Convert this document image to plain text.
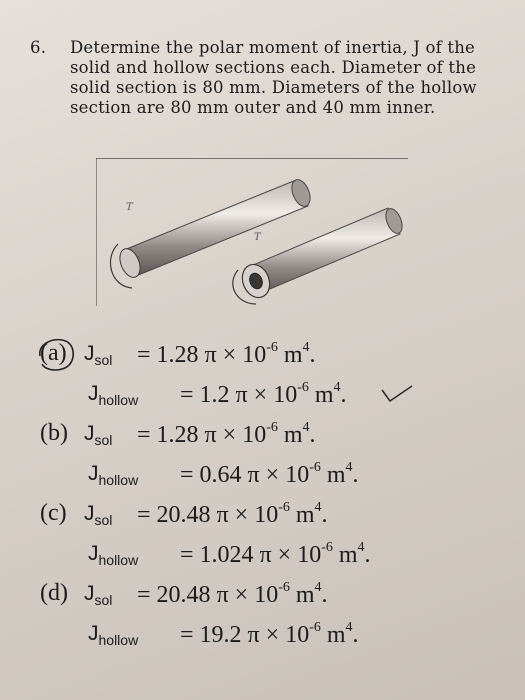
6. Determine the polar moment of inertia, J of the solid and hollow sections each. Diameter of the solid section is 80 mm. Diameters of the hollow section are 80 mm outer and 40 mm inner.
T
T
(a) $J_{sol} = 1.28$ $\pi \times 10^{-6}$ $m^4$.
$J_{hollow} = 1.2$ $\pi \times 10^{-6}$ $m^4$.
(b) $J_{sol} = 1.28$ $\pi \times 10^{-6}$ $m^4$.
$J_{hollow} = 0.64$ $\pi \times 10^{-6}$ $m^4$.
(c) $J_{sol} = 20.48$ $\pi \times 10^{-6}$ $m^4$.
$J_{hollow} = 1.024$ $\pi \times 10^{-6}$ $m^4$.
(d) $J_{sol} = 20.48$ $\pi \times 10^{-6}$ $m^4$.
$J_{hollow} = 19.2$ $\pi \times 10^{-6}$ $m^4$.
